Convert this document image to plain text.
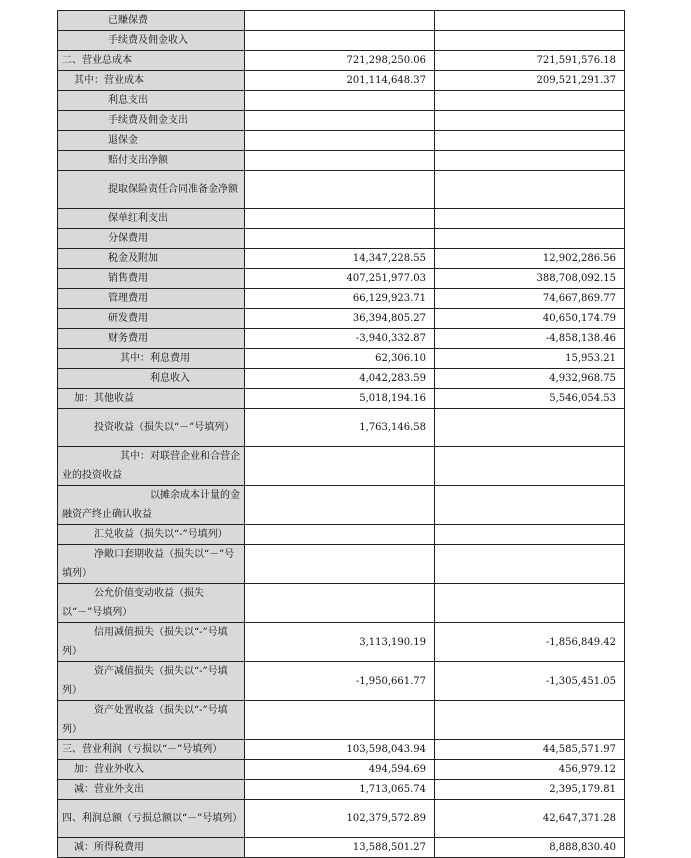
已赚保费		

手续费及佣金收入		

二、营业总成本	721,298,250.06	721,591,576.18

其中：营业成本	201,114,648.37	209,521,291.37

利息支出		

手续费及佣金支出		

退保金		

赔付支出净额		

提取保险责任合同准备金净额		

保单红利支出		

分保费用		

税金及附加	14,347,228.55	12,902,286.56

销售费用	407,251,977.03	388,708,092.15

管理费用	66,129,923.71	74,667,869.77

研发费用	36,394,805.27	40,650,174.79

财务费用	-3,940,332.87	-4,858,138.46

其中：利息费用	62,306.10	15,953.21

利息收入	4,042,283.59	4,932,968.75

加：其他收益	5,018,194.16	5,546,054.53

投资收益（损失以“－”号填列）	1,763,146.58	

其中：对联营企业和合营企业的投资收益		

以摊余成本计量的金融资产终止确认收益		

汇兑收益（损失以“-”号填列）		

净敞口套期收益（损失以“－”号填列）		

公允价值变动收益（损失以“－”号填列）		

信用减值损失（损失以“-”号填列）	3,113,190.19	-1,856,849.42

资产减值损失（损失以“-”号填列）	-1,950,661.77	-1,305,451.05

资产处置收益（损失以“-”号填列）		

三、营业利润（亏损以“－”号填列）	103,598,043.94	44,585,571.97

加：营业外收入	494,594.69	456,979.12

减：营业外支出	1,713,065.74	2,395,179.81

四、利润总额（亏损总额以“－”号填列）	102,379,572.89	42,647,371.28

减：所得税费用	13,588,501.27	8,888,830.40
